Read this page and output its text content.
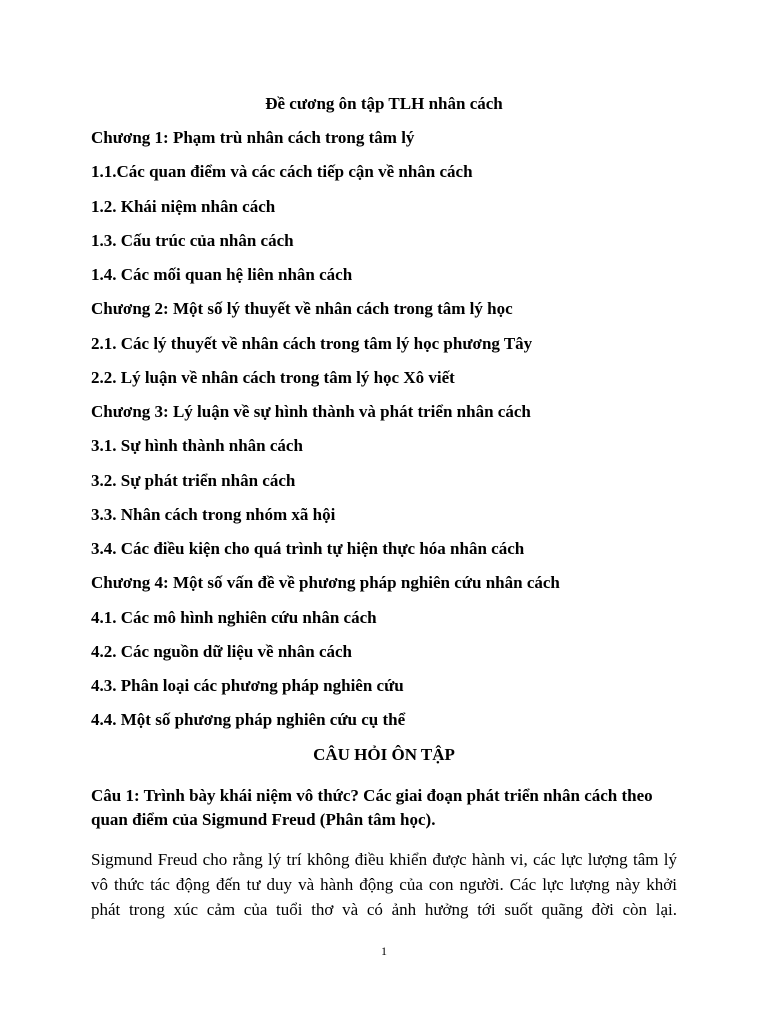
Đề cương ôn tập TLH nhân cách
Chương 1: Phạm trù nhân cách trong tâm lý
1.1.Các quan điểm và các cách tiếp cận về nhân cách
1.2. Khái niệm nhân cách
1.3. Cấu trúc của nhân cách
1.4. Các mối quan hệ liên nhân cách
Chương 2: Một số lý thuyết về nhân cách trong tâm lý học
2.1. Các lý thuyết về nhân cách trong tâm lý học phương Tây
2.2. Lý luận về nhân cách trong tâm lý học Xô viết
Chương 3: Lý luận về sự hình thành và phát triển nhân cách
3.1. Sự hình thành nhân cách
3.2. Sự phát triển nhân cách
3.3. Nhân cách trong nhóm xã hội
3.4. Các điều kiện cho quá trình tự hiện thực hóa nhân cách
Chương 4: Một số vấn đề về phương pháp nghiên cứu nhân cách
4.1. Các mô hình nghiên cứu nhân cách
4.2. Các nguồn dữ liệu về nhân cách
4.3. Phân loại các phương pháp nghiên cứu
4.4. Một số phương pháp nghiên cứu cụ thể
CÂU HỎI ÔN TẬP

Câu 1: Trình bày khái niệm vô thức? Các giai đoạn phát triển nhân cách theo quan điểm của Sigmund Freud (Phân tâm học).

Sigmund Freud cho rằng lý trí không điều khiển được hành vi, các lực lượng tâm lý vô thức tác động đến tư duy và hành động của con người. Các lực lượng này khởi phát trong xúc cảm của tuổi thơ và có ảnh hưởng tới suốt quãng đời còn lại.

1
